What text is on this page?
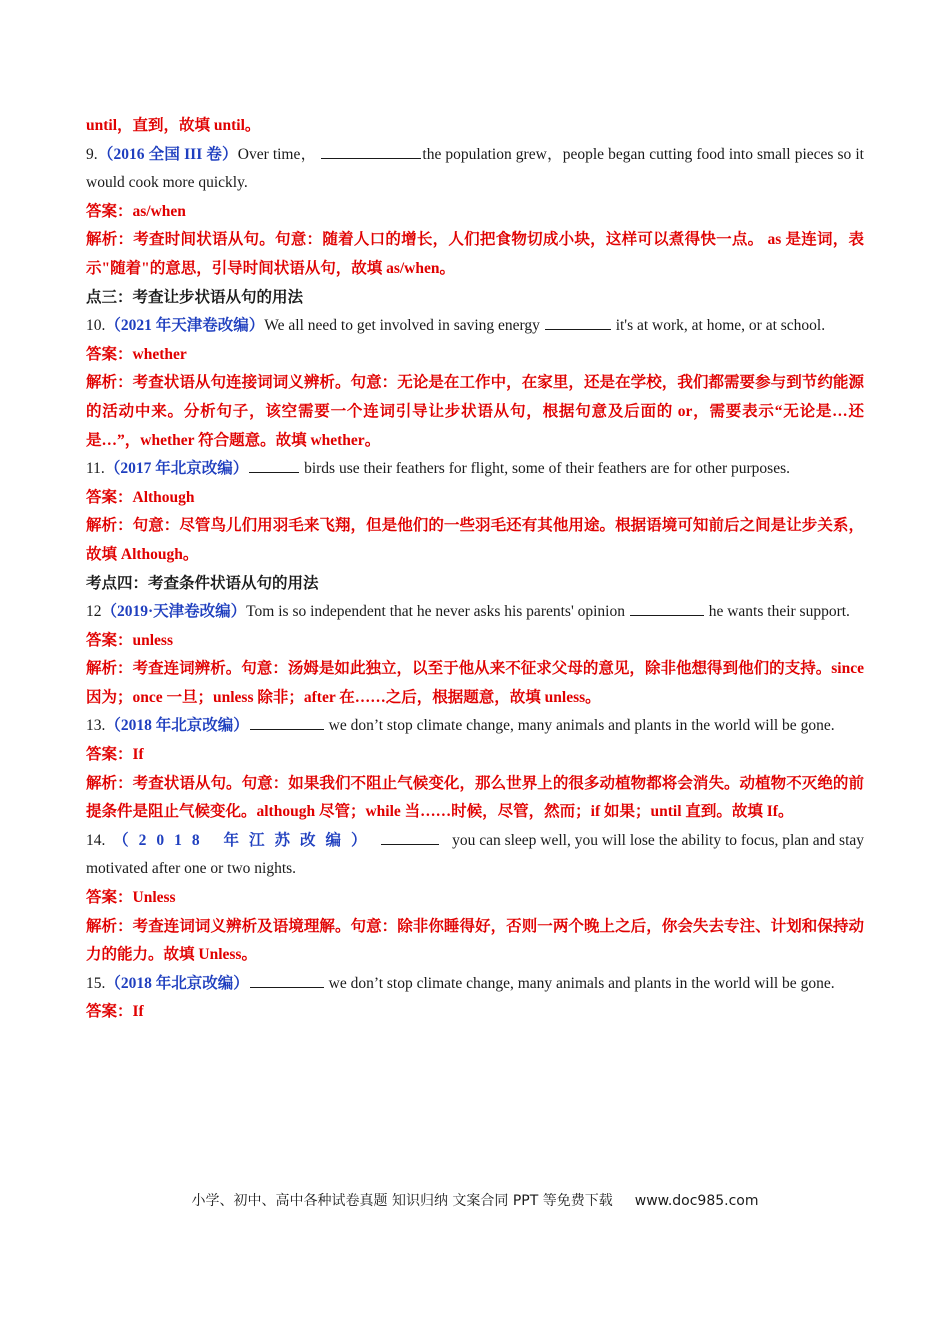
until，直到，故填 until。

9.（2016 全国 III 卷）Over time，	the population grew，people began cutting food into small pieces so it would cook more quickly.

答案：as/when

解析：考查时间状语从句。句意：随着人口的增长，人们把食物切成小块，这样可以煮得快一点。 as 是连词，表示"随着"的意思，引导时间状语从句，故填 as/when。

点三：考查让步状语从句的用法

10.（2021 年天津卷改编）We all need to get involved in saving energy	it's at work, at home, or at school.

答案：whether

解析：考查状语从句连接词词义辨析。句意：无论是在工作中，在家里，还是在学校，我们都需要参与到节约能源的活动中来。分析句子，该空需要一个连词引导让步状语从句，根据句意及后面的 or，需要表示“无论是…还是…”，whether 符合题意。故填 whether。

11.（2017 年北京改编）	birds use their feathers for flight, some of their feathers are for other purposes.

答案：Although

解析：句意：尽管鸟儿们用羽毛来飞翔，但是他们的一些羽毛还有其他用途。根据语境可知前后之间是让步关系，故填 Although。

考点四：考查条件状语从句的用法

12（2019·天津卷改编）Tom is so independent that he never asks his parents' opinion	he wants their support.

答案：unless

解析：考查连词辨析。句意：汤姆是如此独立，以至于他从来不征求父母的意见，除非他想得到他们的支持。since 因为；once 一旦；unless 除非；after 在……之后，根据题意，故填 unless。

13.（2018 年北京改编）	we don’t stop climate change, many animals and plants in the world will be gone.

答案：If

解析：考查状语从句。句意：如果我们不阻止气候变化，那么世界上的很多动植物都将会消失。动植物不灭绝的前提条件是阻止气候变化。although 尽管；while 当……时候，尽管，然而；if 如果；until 直到。故填 If。

14. （2018 年江苏改编）	you can sleep well, you will lose the ability to focus, plan and stay motivated after one or two nights.

答案：Unless

解析：考查连词词义辨析及语境理解。句意：除非你睡得好，否则一两个晚上之后，你会失去专注、计划和保持动力的能力。故填 Unless。

15.（2018 年北京改编）	we don’t stop climate change, many animals and plants in the world will be gone.

答案：If

小学、初中、高中各种试卷真题 知识归纳 文案合同 PPT 等免费下载 www.doc985.com
